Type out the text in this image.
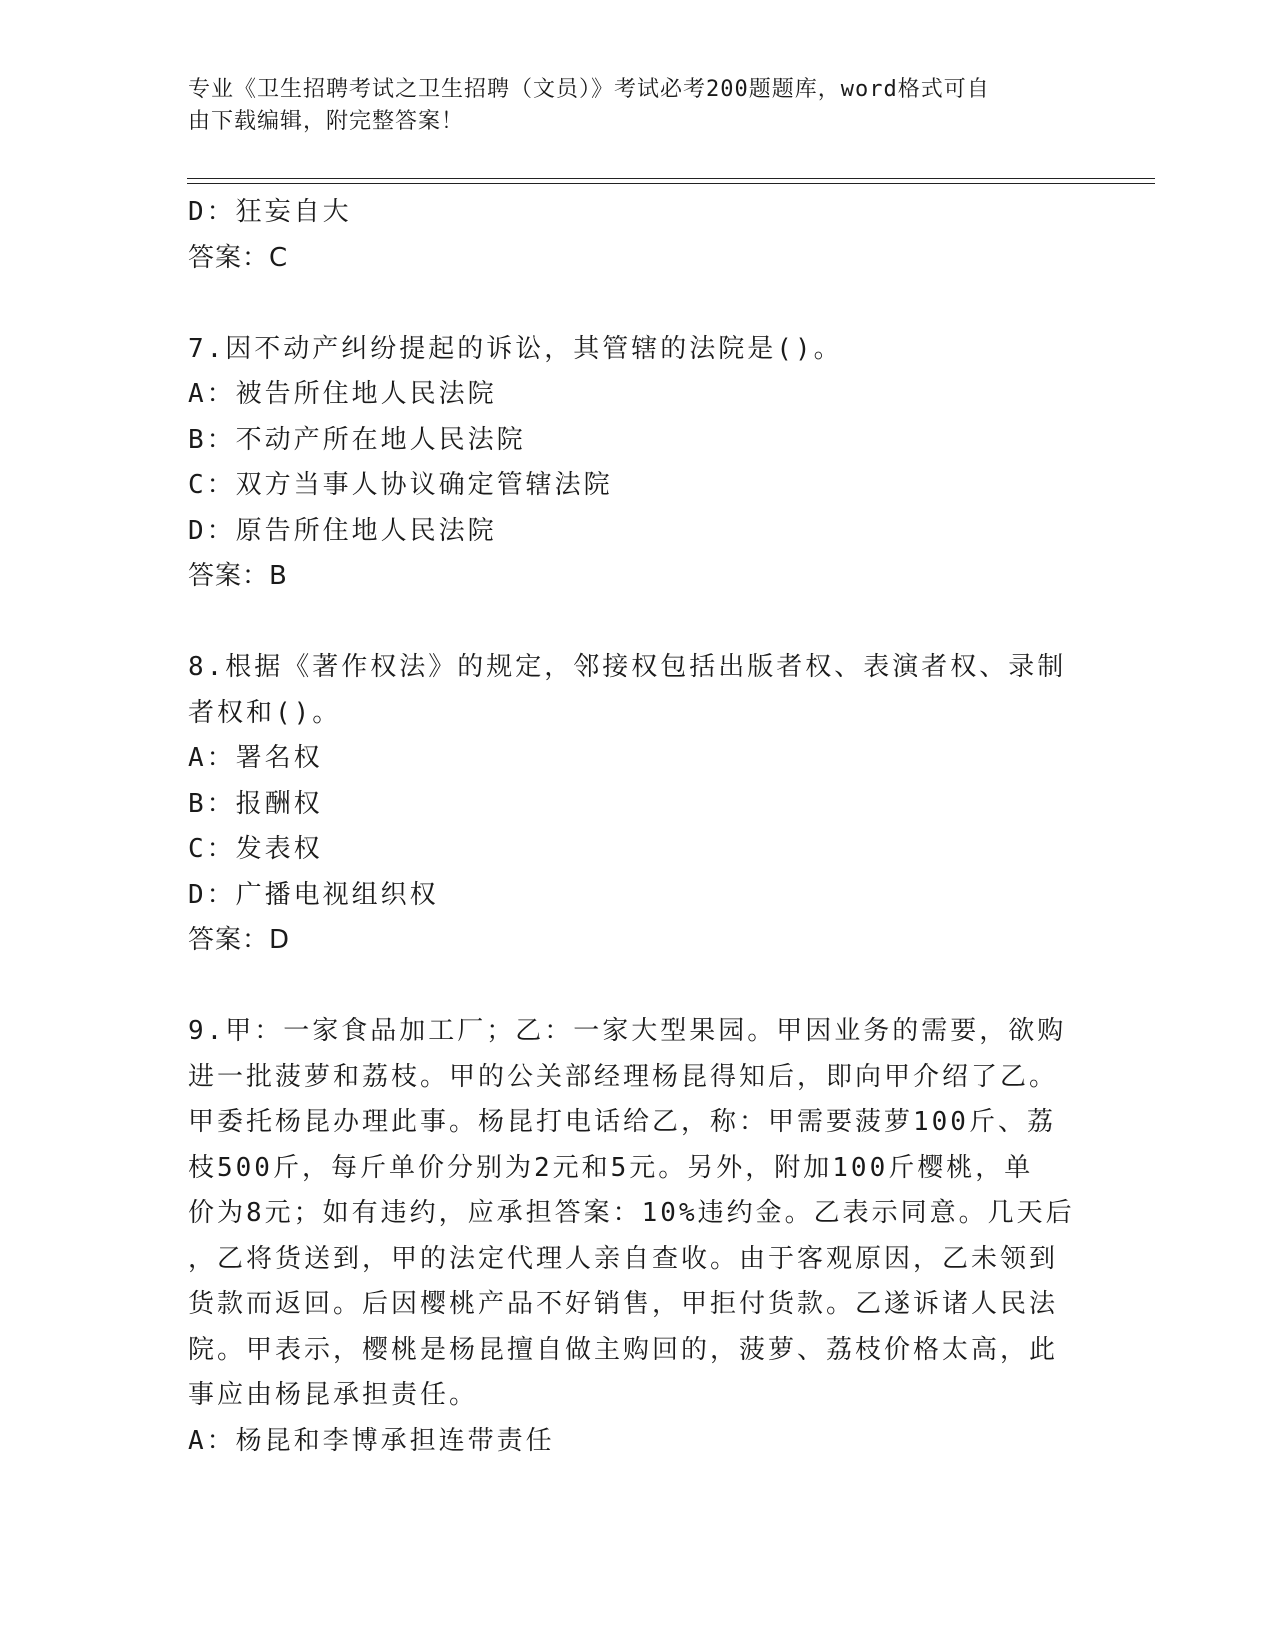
专业《卫生招聘考试之卫生招聘（文员）》考试必考200题题库，word格式可自
由下载编辑，附完整答案！
D：狂妄自大
答案：C
7.因不动产纠纷提起的诉讼，其管辖的法院是()。
A：被告所住地人民法院
B：不动产所在地人民法院
C：双方当事人协议确定管辖法院
D：原告所住地人民法院
答案：B
8.根据《著作权法》的规定，邻接权包括出版者权、表演者权、录制
者权和()。
A：署名权
B：报酬权
C：发表权
D：广播电视组织权
答案：D
9.甲：一家食品加工厂；乙：一家大型果园。甲因业务的需要，欲购
进一批菠萝和荔枝。甲的公关部经理杨昆得知后，即向甲介绍了乙。
甲委托杨昆办理此事。杨昆打电话给乙，称：甲需要菠萝100斤、荔
枝500斤，每斤单价分别为2元和5元。另外，附加100斤樱桃，单
价为8元；如有违约，应承担答案：10%违约金。乙表示同意。几天后
，乙将货送到，甲的法定代理人亲自查收。由于客观原因，乙未领到
货款而返回。后因樱桃产品不好销售，甲拒付货款。乙遂诉诸人民法
院。甲表示，樱桃是杨昆擅自做主购回的，菠萝、荔枝价格太高，此
事应由杨昆承担责任。
A：杨昆和李博承担连带责任
